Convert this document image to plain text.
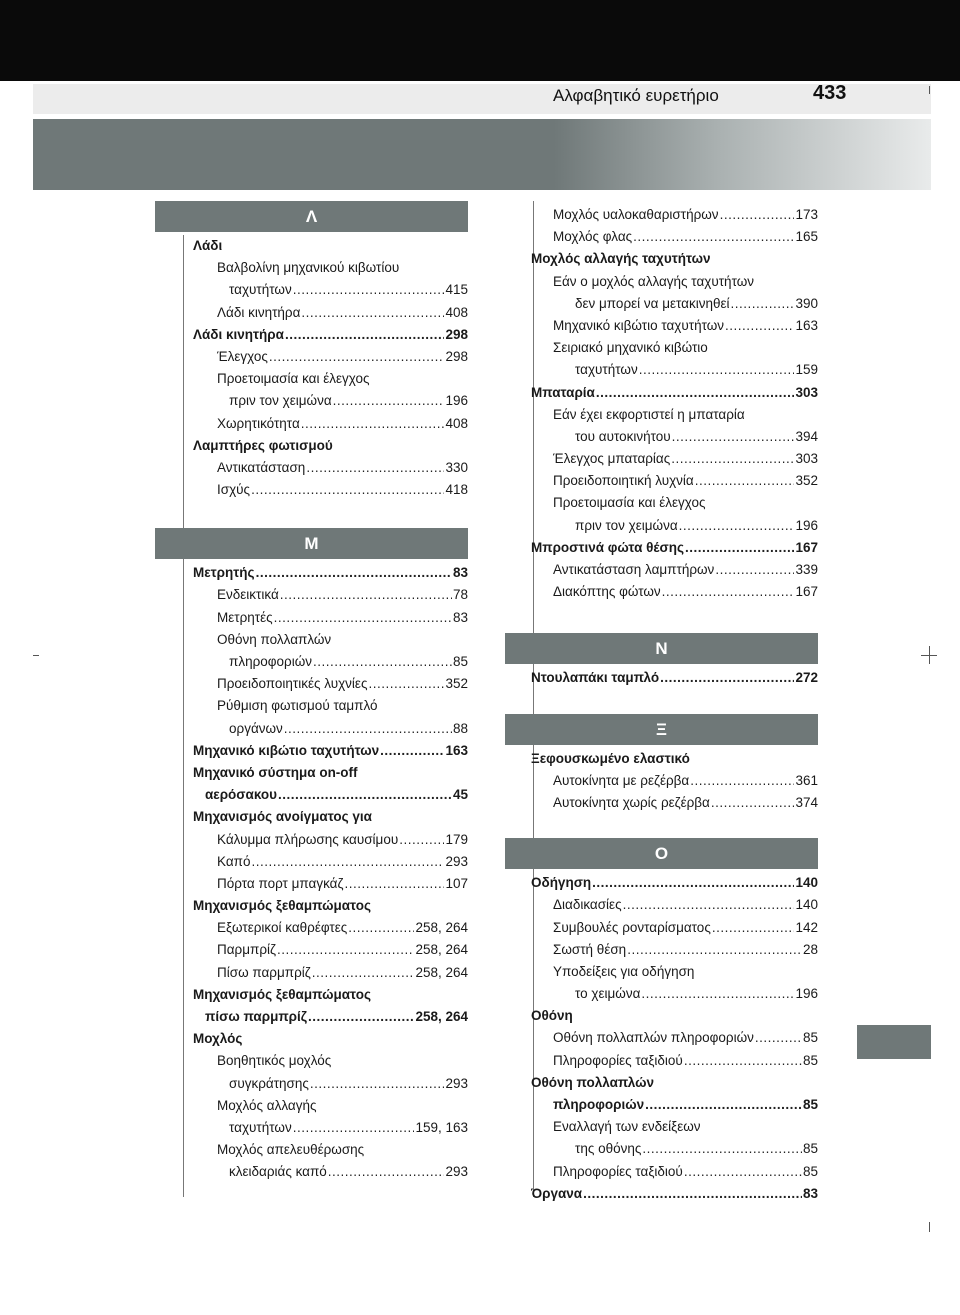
Αλφαβητικό ευρετήριο	433
Λ
Λάδι
Βαλβολίνη μηχανικού κιβωτίου
ταχυτήτων .....	415
Λάδι κινητήρα .....	408
Λάδι κινητήρα .....	298
Έλεγχος .....	298
Προετοιμασία και έλεγχος
πριν τον χειμώνα .....	196
Χωρητικότητα .....	408
Λαμπτήρες φωτισμού
Αντικατάσταση .....	330
Ισχύς .....	418
Μ
Μετρητής .....	83
Ενδεικτικά .....	78
Μετρητές .....	83
Οθόνη πολλαπλών
πληροφοριών .....	85
Προειδοποιητικές λυχνίες .....	352
Ρύθμιση φωτισμού ταμπλό
οργάνων .....	88
Μηχανικό κιβώτιο ταχυτήτων .....	163
Μηχανικό σύστημα on-off
αερόσακου .....	45
Μηχανισμός ανοίγματος για
Κάλυμμα πλήρωσης καυσίμου .....	179
Καπό .....	293
Πόρτα πορτ μπαγκάζ .....	107
Μηχανισμός ξεθαμπώματος
Εξωτερικοί καθρέφτες .....	258, 264
Παρμπρίζ .....	258, 264
Πίσω παρμπρίζ .....	258, 264
Μηχανισμός ξεθαμπώματος
πίσω παρμπρίζ .....	258, 264
Μοχλός
Βοηθητικός μοχλός
συγκράτησης .....	293
Μοχλός αλλαγής
ταχυτήτων .....	159, 163
Μοχλός απελευθέρωσης
κλειδαριάς καπό .....	293
Μοχλός υαλοκαθαριστήρων .....	173
Μοχλός φλας .....	165
Μοχλός αλλαγής ταχυτήτων
Εάν ο μοχλός αλλαγής ταχυτήτων
δεν μπορεί να μετακινηθεί .....	390
Μηχανικό κιβώτιο ταχυτήτων .....	163
Σειριακό μηχανικό κιβώτιο
ταχυτήτων .....	159
Μπαταρία .....	303
Εάν έχει εκφορτιστεί η μπαταρία
του αυτοκινήτου .....	394
Έλεγχος μπαταρίας .....	303
Προειδοποιητική λυχνία .....	352
Προετοιμασία και έλεγχος
πριν τον χειμώνα .....	196
Μπροστινά φώτα θέσης .....	167
Αντικατάσταση λαμπτήρων .....	339
Διακόπτης φώτων .....	167
Ν
Ντουλαπάκι ταμπλό .....	272
Ξ
Ξεφουσκωμένο ελαστικό
Αυτοκίνητα με ρεζέρβα .....	361
Αυτοκίνητα χωρίς ρεζέρβα .....	374
Ο
Οδήγηση .....	140
Διαδικασίες .....	140
Συμβουλές ρονταρίσματος .....	142
Σωστή θέση .....	28
Υποδείξεις για οδήγηση
το χειμώνα .....	196
Οθόνη
Οθόνη πολλαπλών πληροφοριών .....	85
Πληροφορίες ταξιδιού .....	85
Οθόνη πολλαπλών
πληροφοριών .....	85
Εναλλαγή των ενδείξεων
της οθόνης .....	85
Πληροφορίες ταξιδιού .....	85
Όργανα .....	83
